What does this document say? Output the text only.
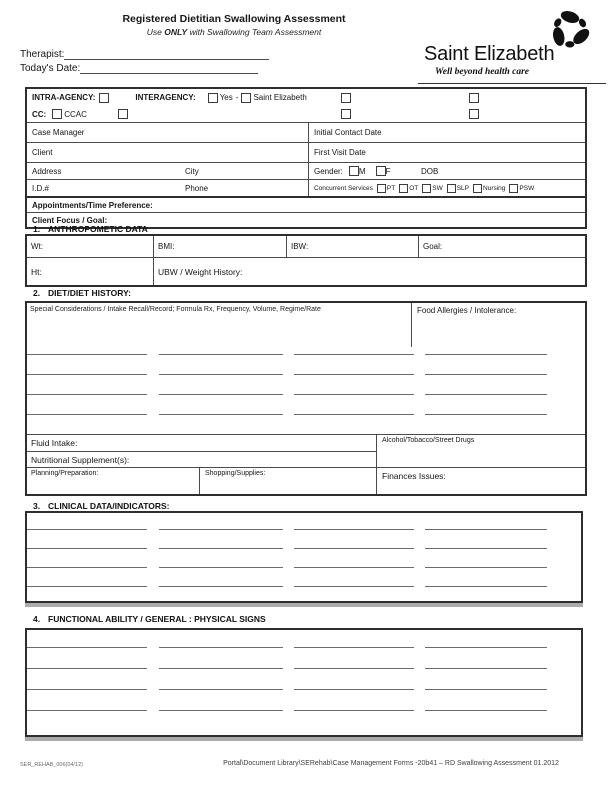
Registered Dietitian Swallowing Assessment
Use ONLY with Swallowing Team Assessment
Therapist:
Today's Date:
Saint Elizabeth
Well beyond health care
INTRA-AGENCY:	INTERAGENCY:	Yes - Saint Elizabeth
CC: CCAC
Case Manager	Initial Contact Date
Client	First Visit Date
Address	City	Gender: M	F	DOB
I.D.#	Phone	Concurrent Services PT OT SW SLP Nursing PSW
Appointments/Time Preference:
Client Focus / Goal:
1. ANTHROPOMETIC DATA
Wt:	BMI:	IBW:	Goal:
Ht:	UBW / Weight History:
2. DIET/DIET HISTORY:
Special Considerations / Intake Recall/Record; Formula Rx, Frequency, Volume, Regime/Rate	Food Allergies / Intolerance:
Fluid Intake:
Nutritional Supplement(s):
Alcohol/Tobacco/Street Drugs
Planning/Preparation:	Shopping/Supplies:	Finances Issues:
3. CLINICAL DATA/INDICATORS:
4. FUNCTIONAL ABILITY / GENERAL : PHYSICAL SIGNS
SER_REHAB_006(04/12)	Portal\Document Library\SERehab\Case Management Forms -20b41 – RD Swallowing Assessment 01.2012
